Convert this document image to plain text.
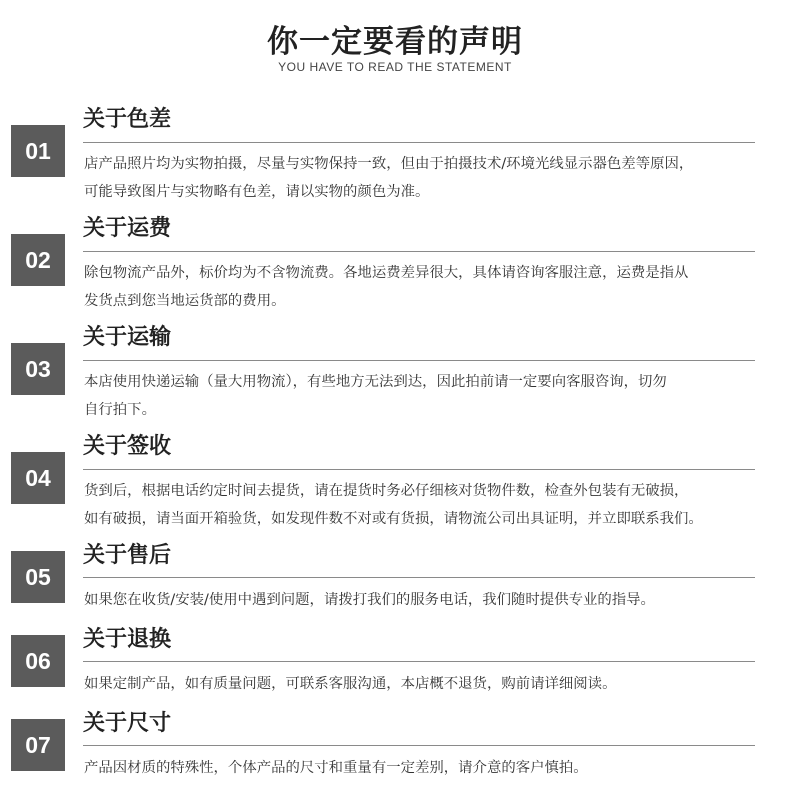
你一定要看的声明
YOU HAVE TO READ THE STATEMENT
01
关于色差

店产品照片均为实物拍摄，尽量与实物保持一致，但由于拍摄技术/环境光线显示器色差等原因，

可能导致图片与实物略有色差，请以实物的颜色为准。

02
关于运费

除包物流产品外，标价均为不含物流费。各地运费差异很大，具体请咨询客服注意，运费是指从

发货点到您当地运货部的费用。

03
关于运输

本店使用快递运输（量大用物流），有些地方无法到达，因此拍前请一定要向客服咨询，切勿

自行拍下。

04
关于签收

货到后，根据电话约定时间去提货，请在提货时务必仔细核对货物件数，检查外包装有无破损，

如有破损，请当面开箱验货，如发现件数不对或有货损，请物流公司出具证明，并立即联系我们。

05
关于售后

如果您在收货/安装/使用中遇到问题，请拨打我们的服务电话，我们随时提供专业的指导。

06
关于退换

如果定制产品，如有质量问题，可联系客服沟通，本店概不退货，购前请详细阅读。

07
关于尺寸

产品因材质的特殊性，个体产品的尺寸和重量有一定差别，请介意的客户慎拍。
